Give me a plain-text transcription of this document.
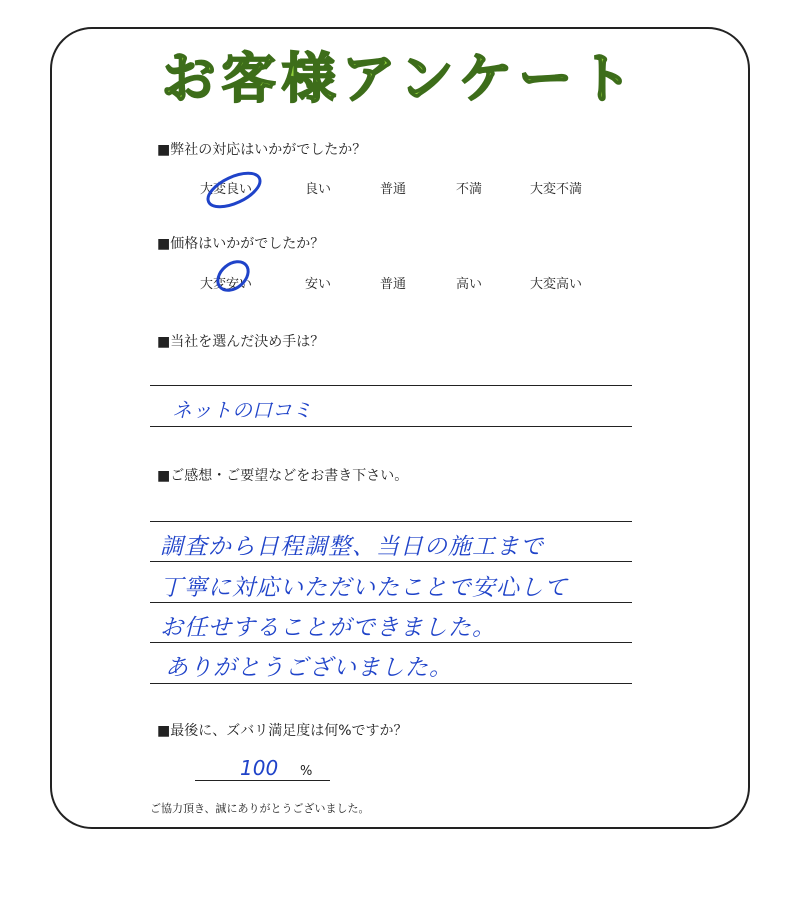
お客様アンケート
■弊社の対応はいかがでしたか？
大変良い	良い	普通	不満	大変不満
■価格はいかがでしたか？
大変安い	安い	普通	高い	大変高い
■当社を選んだ決め手は？
ネットの口コミ
■ご感想・ご要望などをお書き下さい。
調査から日程調整、当日の施工まで
丁寧に対応いただいたことで安心して
お任せすることができました。
ありがとうございました。
■最後に、ズバリ満足度は何%ですか？
100 %
ご協力頂き、誠にありがとうございました。
